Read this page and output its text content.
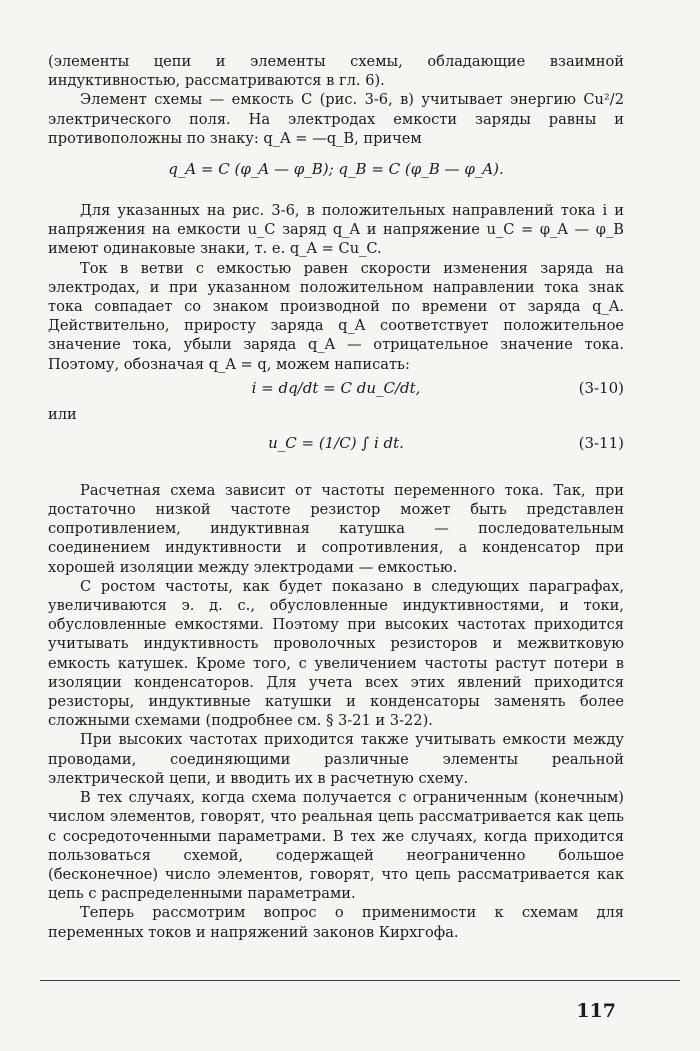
(элементы цепи и элементы схемы, обладающие взаимной индуктивностью, рассматриваются в гл. 6).

Элемент схемы — емкость C (рис. 3-6, в) учитывает энергию Cu²/2 электрического поля. На электродах емкости заряды равны и противоположны по знаку: q_A = —q_B, причем

q_A = C (φ_A — φ_B); q_B = C (φ_B — φ_A).

Для указанных на рис. 3-6, в положительных направлений тока i и напряжения на емкости u_C заряд q_A и напряжение u_C = φ_A — φ_B имеют одинаковые знаки, т. е. q_A = Cu_C.

Ток в ветви с емкостью равен скорости изменения заряда на электродах, и при указанном положительном направлении тока знак тока совпадает со знаком производной по времени от заряда q_A. Действительно, приросту заряда q_A соответствует положительное значение тока, убыли заряда q_A — отрицательное значение тока. Поэтому, обозначая q_A = q, можем написать:

i = dq/dt = C du_C/dt,	(3-10)
или
u_C = (1/C) ∫ i dt.	(3-11)

Расчетная схема зависит от частоты переменного тока. Так, при достаточно низкой частоте резистор может быть представлен сопротивлением, индуктивная катушка — последовательным соединением индуктивности и сопротивления, а конденсатор при хорошей изоляции между электродами — емкостью.

С ростом частоты, как будет показано в следующих параграфах, увеличиваются э. д. с., обусловленные индуктивностями, и токи, обусловленные емкостями. Поэтому при высоких частотах приходится учитывать индуктивность проволочных резисторов и межвитковую емкость катушек. Кроме того, с увеличением частоты растут потери в изоляции конденсаторов. Для учета всех этих явлений приходится резисторы, индуктивные катушки и конденсаторы заменять более сложными схемами (подробнее см. § 3-21 и 3-22).

При высоких частотах приходится также учитывать емкости между проводами, соединяющими различные элементы реальной электрической цепи, и вводить их в расчетную схему.

В тех случаях, когда схема получается с ограниченным (конечным) числом элементов, говорят, что реальная цепь рассматривается как цепь с сосредоточенными параметрами. В тех же случаях, когда приходится пользоваться схемой, содержащей неограниченно большое (бесконечное) число элементов, говорят, что цепь рассматривается как цепь с распределенными параметрами.

Теперь рассмотрим вопрос о применимости к схемам для переменных токов и напряжений законов Кирхгофа.

117
